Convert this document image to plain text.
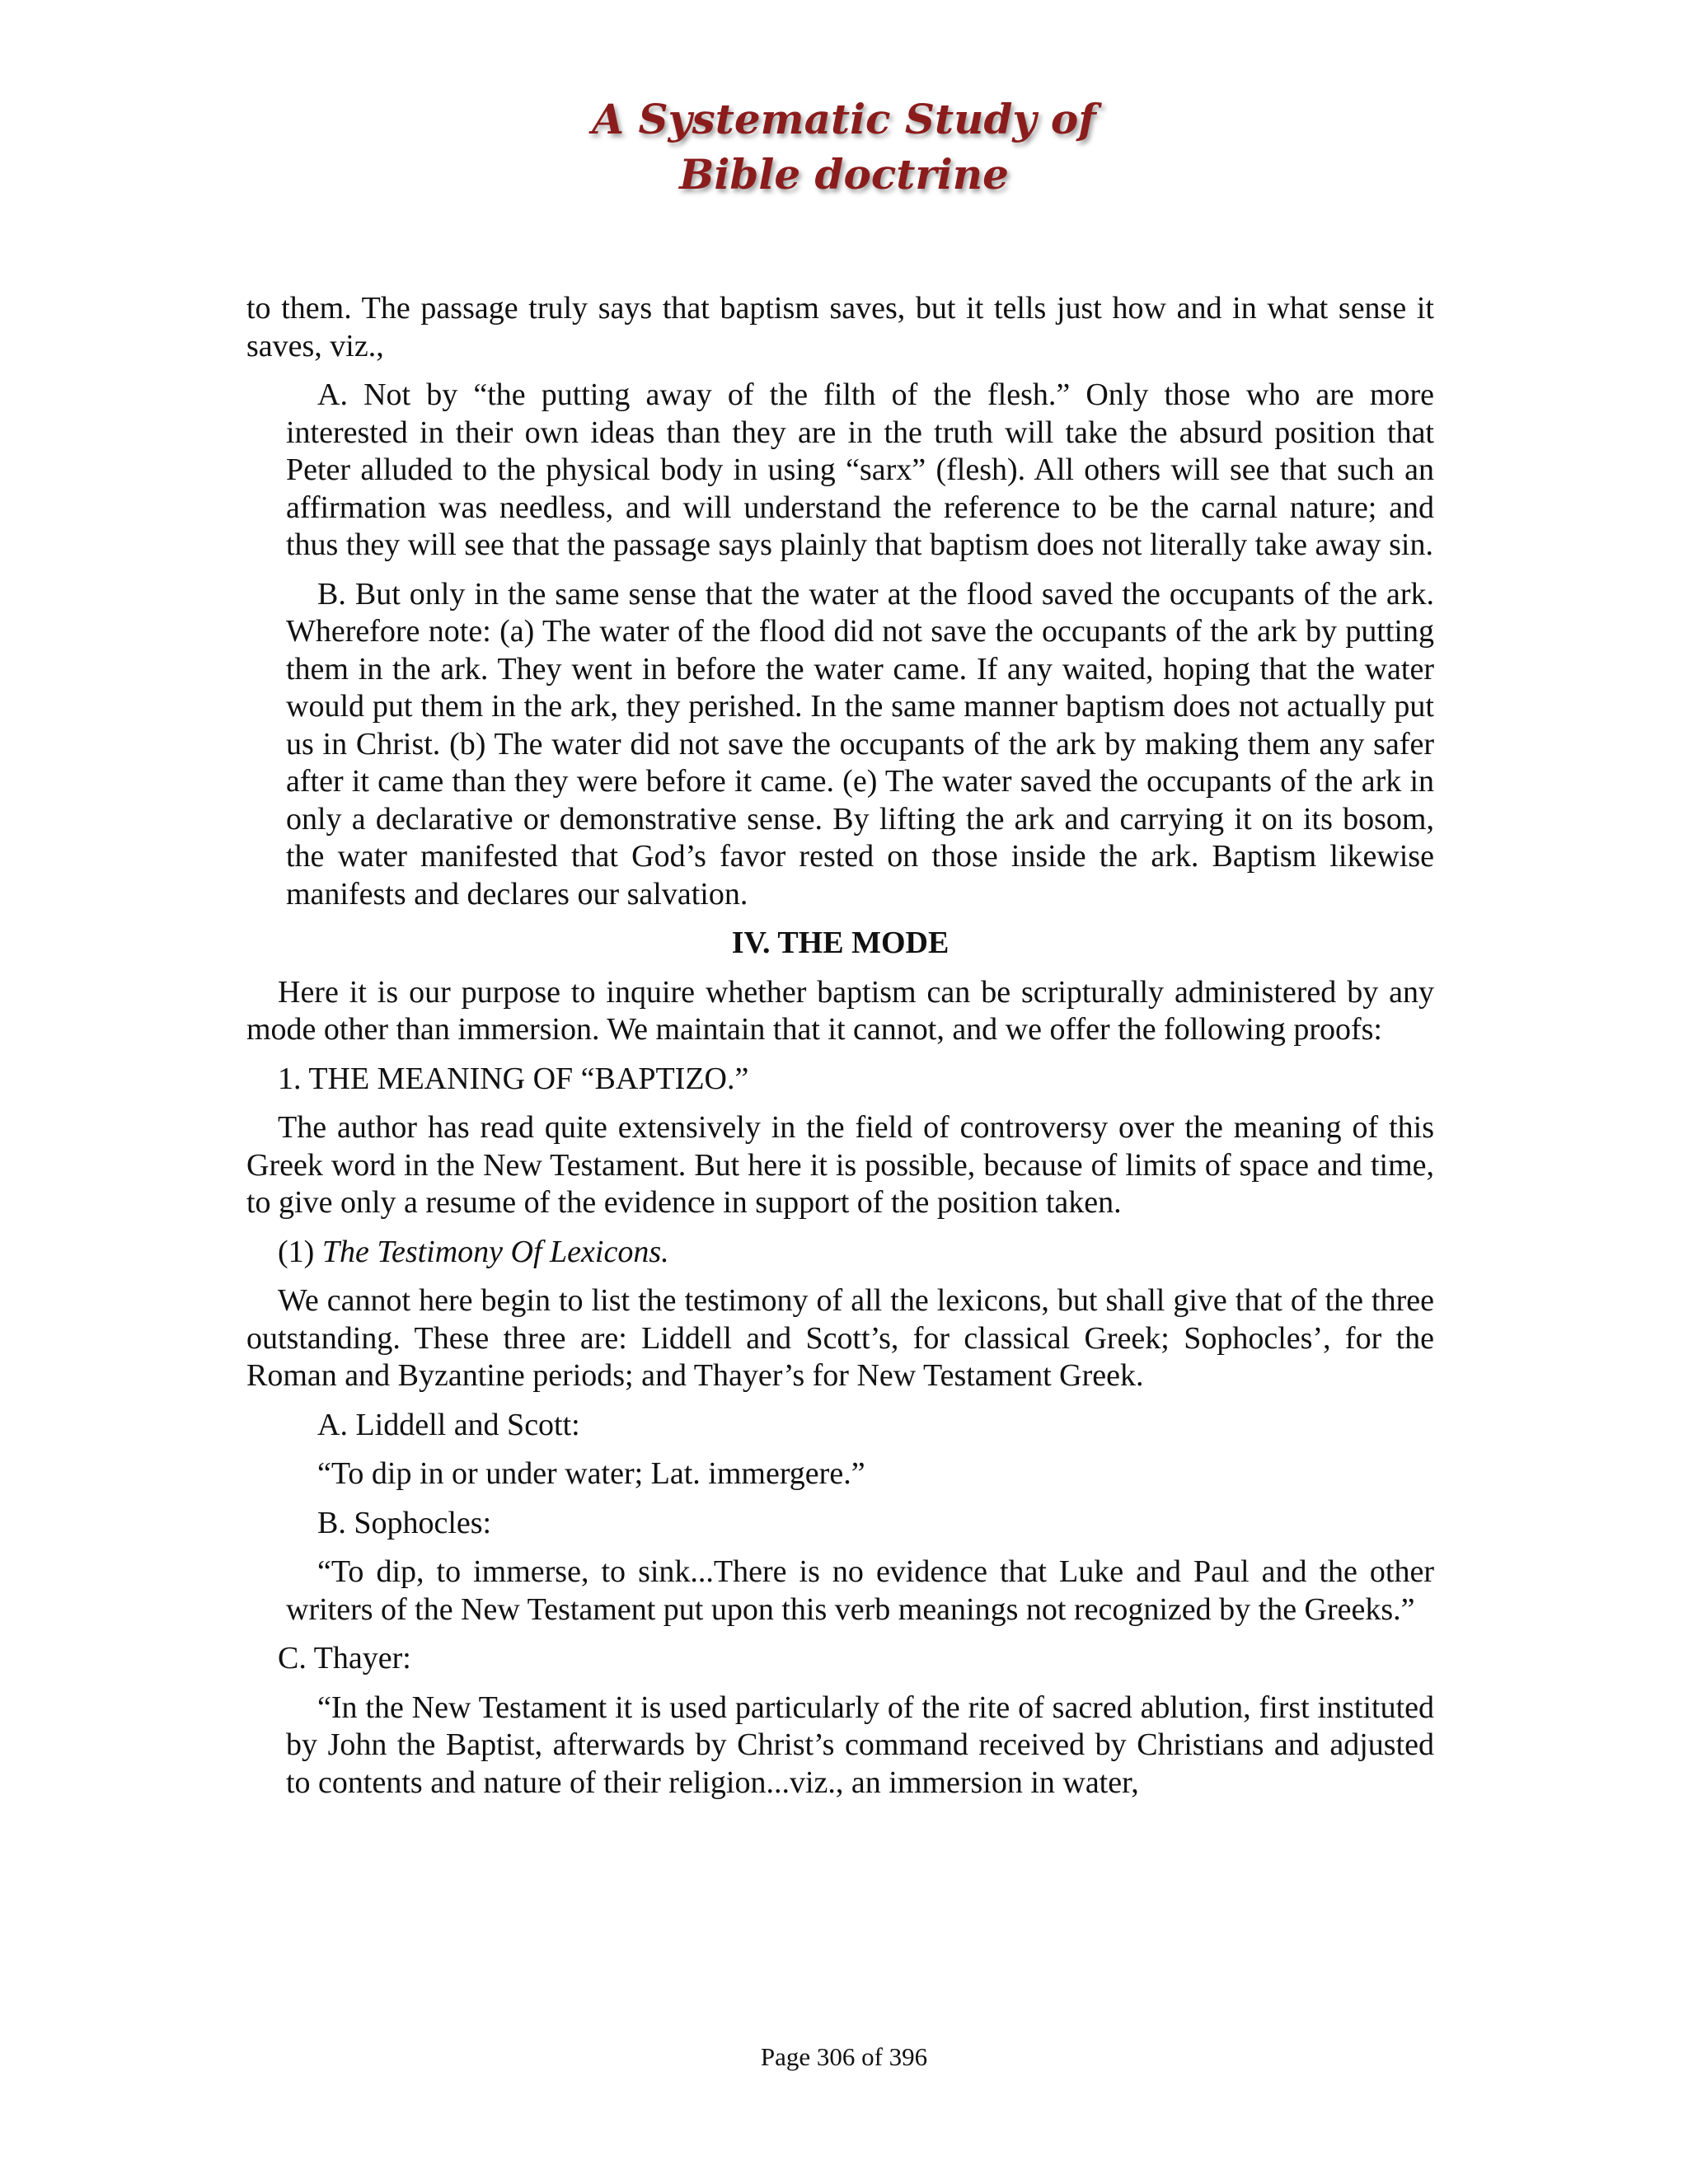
A Systematic Study of
Bible doctrine

to them. The passage truly says that baptism saves, but it tells just how and in what sense it saves, viz.,

A. Not by “the putting away of the filth of the flesh.” Only those who are more interested in their own ideas than they are in the truth will take the absurd position that Peter alluded to the physical body in using “sarx” (flesh). All others will see that such an affirmation was needless, and will understand the reference to be the carnal nature; and thus they will see that the passage says plainly that baptism does not literally take away sin.

B. But only in the same sense that the water at the flood saved the occupants of the ark. Wherefore note: (a) The water of the flood did not save the occupants of the ark by putting them in the ark. They went in before the water came. If any waited, hoping that the water would put them in the ark, they perished. In the same manner baptism does not actually put us in Christ. (b) The water did not save the occupants of the ark by making them any safer after it came than they were before it came. (e) The water saved the occupants of the ark in only a declarative or demonstrative sense. By lifting the ark and carrying it on its bosom, the water manifested that God’s favor rested on those inside the ark. Baptism likewise manifests and declares our salvation.

IV. THE MODE

Here it is our purpose to inquire whether baptism can be scripturally administered by any mode other than immersion. We maintain that it cannot, and we offer the following proofs:

1. THE MEANING OF “BAPTIZO.”

The author has read quite extensively in the field of controversy over the meaning of this Greek word in the New Testament. But here it is possible, because of limits of space and time, to give only a resume of the evidence in support of the position taken.

(1) The Testimony Of Lexicons.

We cannot here begin to list the testimony of all the lexicons, but shall give that of the three outstanding. These three are: Liddell and Scott’s, for classical Greek; Sophocles’, for the Roman and Byzantine periods; and Thayer’s for New Testament Greek.

A. Liddell and Scott:

“To dip in or under water; Lat. immergere.”

B. Sophocles:

“To dip, to immerse, to sink...There is no evidence that Luke and Paul and the other writers of the New Testament put upon this verb meanings not recognized by the Greeks.”

C. Thayer:

“In the New Testament it is used particularly of the rite of sacred ablution, first instituted by John the Baptist, afterwards by Christ’s command received by Christians and adjusted to contents and nature of their religion...viz., an immersion in water,

Page 306 of 396
